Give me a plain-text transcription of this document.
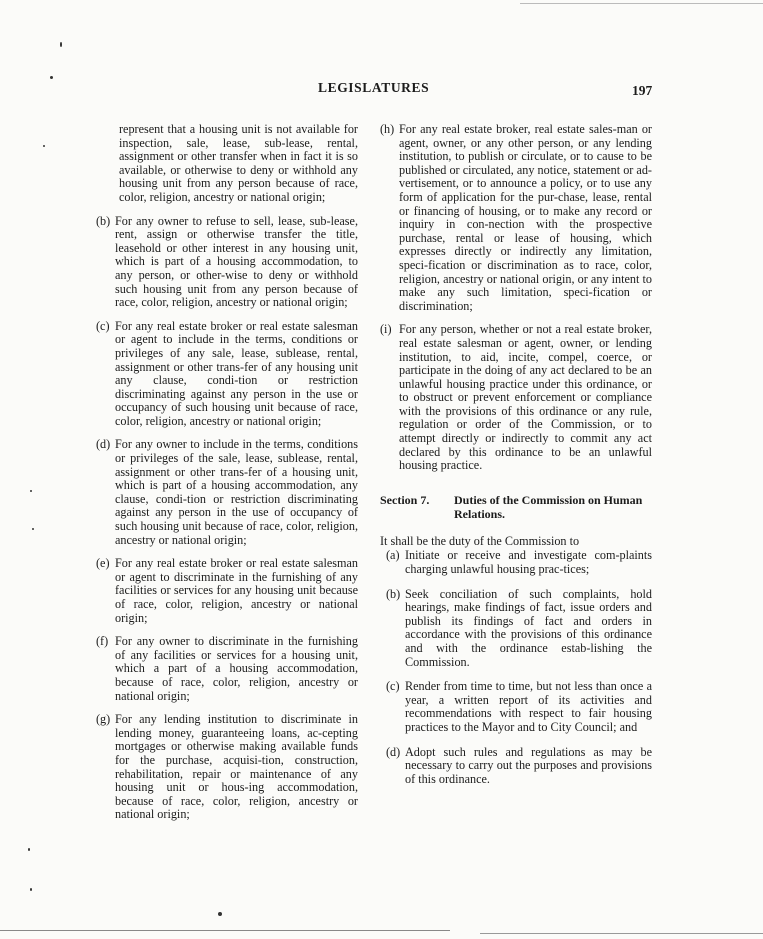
LEGISLATURES	197
represent that a housing unit is not available for inspection, sale, lease, sub-lease, rental, assignment or other transfer when in fact it is so available, or otherwise to deny or withhold any housing unit from any person because of race, color, religion, ancestry or national origin;
(b) For any owner to refuse to sell, lease, sub-lease, rent, assign or otherwise transfer the title, leasehold or other interest in any housing unit, which is part of a housing accommodation, to any person, or other-wise to deny or withhold such housing unit from any person because of race, color, religion, ancestry or national origin;
(c) For any real estate broker or real estate salesman or agent to include in the terms, conditions or privileges of any sale, lease, sublease, rental, assignment or other trans-fer of any housing unit any clause, condi-tion or restriction discriminating against any person in the use or occupancy of such housing unit because of race, color, religion, ancestry or national origin;
(d) For any owner to include in the terms, conditions or privileges of the sale, lease, sublease, rental, assignment or other trans-fer of a housing unit, which is part of a housing accommodation, any clause, condi-tion or restriction discriminating against any person in the use of occupancy of such housing unit because of race, color, religion, ancestry or national origin;
(e) For any real estate broker or real estate salesman or agent to discriminate in the furnishing of any facilities or services for any housing unit because of race, color, religion, ancestry or national origin;
(f) For any owner to discriminate in the furnishing of any facilities or services for a housing unit, which a part of a housing accommodation, because of race, color, religion, ancestry or national origin;
(g) For any lending institution to discriminate in lending money, guaranteeing loans, ac-cepting mortgages or otherwise making available funds for the purchase, acquisi-tion, construction, rehabilitation, repair or maintenance of any housing unit or hous-ing accommodation, because of race, color, religion, ancestry or national origin;
(h) For any real estate broker, real estate sales-man or agent, owner, or any other person, or any lending institution, to publish or circulate, or to cause to be published or circulated, any notice, statement or ad-vertisement, or to announce a policy, or to use any form of application for the pur-chase, lease, rental or financing of housing, or to make any record or inquiry in con-nection with the prospective purchase, rental or lease of housing, which expresses directly or indirectly any limitation, speci-fication or discrimination as to race, color, religion, ancestry or national origin, or any intent to make any such limitation, speci-fication or discrimination;
(i) For any person, whether or not a real estate broker, real estate salesman or agent, owner, or lending institution, to aid, incite, compel, coerce, or participate in the doing of any act declared to be an unlawful housing practice under this ordinance, or to obstruct or prevent enforcement or compliance with the provisions of this ordinance or any rule, regulation or order of the Commission, or to attempt directly or indirectly to commit any act declared by this ordinance to be an unlawful housing practice.
Section 7.	Duties of the Commission on Human Relations.
It shall be the duty of the Commission to
(a) Initiate or receive and investigate com-plaints charging unlawful housing prac-tices;
(b) Seek conciliation of such complaints, hold hearings, make findings of fact, issue orders and publish its findings of fact and orders in accordance with the provisions of this ordinance and with the ordinance estab-lishing the Commission.
(c) Render from time to time, but not less than once a year, a written report of its activities and recommendations with respect to fair housing practices to the Mayor and to City Council; and
(d) Adopt such rules and regulations as may be necessary to carry out the purposes and provisions of this ordinance.
